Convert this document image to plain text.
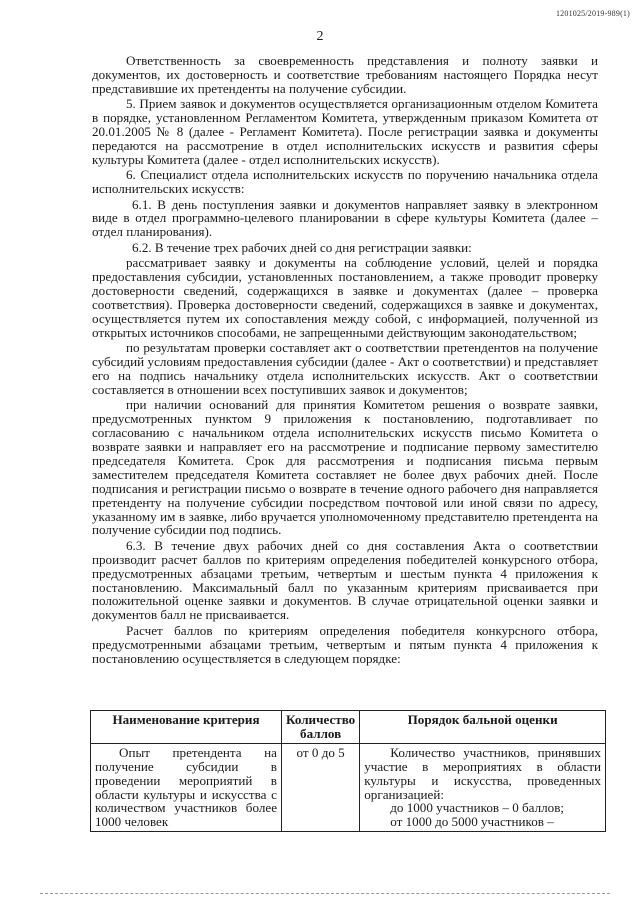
1201025/2019-989(1)
2

Ответственность за своевременность представления и полноту заявки и документов, их достоверность и соответствие требованиям настоящего Порядка несут представившие их претенденты на получение субсидии.

5. Прием заявок и документов осуществляется организационным отделом Комитета в порядке, установленном Регламентом Комитета, утвержденным приказом Комитета от 20.01.2005 № 8 (далее - Регламент Комитета). После регистрации заявка и документы передаются на рассмотрение в отдел исполнительских искусств и развития сферы культуры Комитета (далее - отдел исполнительских искусств).

6. Специалист отдела исполнительских искусств по поручению начальника отдела исполнительских искусств:

6.1. В день поступления заявки и документов направляет заявку в электронном виде в отдел программно-целевого планировании в сфере культуры Комитета (далее – отдел планирования).

6.2. В течение трех рабочих дней со дня регистрации заявки:

рассматривает заявку и документы на соблюдение условий, целей и порядка предоставления субсидии, установленных постановлением, а также проводит проверку достоверности сведений, содержащихся в заявке и документах (далее – проверка соответствия). Проверка достоверности сведений, содержащихся в заявке и документах, осуществляется путем их сопоставления между собой, с информацией, полученной из открытых источников способами, не запрещенными действующим законодательством;

по результатам проверки составляет акт о соответствии претендентов на получение субсидий условиям предоставления субсидии (далее - Акт о соответствии) и представляет его на подпись начальнику отдела исполнительских искусств. Акт о соответствии составляется в отношении всех поступивших заявок и документов;

при наличии оснований для принятия Комитетом решения о возврате заявки, предусмотренных пунктом 9 приложения к постановлению, подготавливает по согласованию с начальником отдела исполнительских искусств письмо Комитета о возврате заявки и направляет его на рассмотрение и подписание первому заместителю председателя Комитета. Срок для рассмотрения и подписания письма первым заместителем председателя Комитета составляет не более двух рабочих дней. После подписания и регистрации письмо о возврате в течение одного рабочего дня направляется претенденту на получение субсидии посредством почтовой или иной связи по адресу, указанному им в заявке, либо вручается уполномоченному представителю претендента на получение субсидии под подпись.

6.3. В течение двух рабочих дней со дня составления Акта о соответствии производит расчет баллов по критериям определения победителей конкурсного отбора, предусмотренных абзацами третьим, четвертым и шестым пункта 4 приложения к постановлению. Максимальный балл по указанным критериям присваивается при положительной оценке заявки и документов. В случае отрицательной оценки заявки и документов балл не присваивается.

Расчет баллов по критериям определения победителя конкурсного отбора, предусмотренными абзацами третьим, четвертым и пятым пункта 4 приложения к постановлению осуществляется в следующем порядке:

Наименование критерия	Количество баллов	Порядок бальной оценки
Опыт претендента на получение субсидии в проведении мероприятий в области культуры и искусства с количеством участников более 1000 человек	от 0 до 5	Количество участников, принявших участие в мероприятиях в области культуры и искусства, проведенных организацией:
до 1000 участников – 0 баллов;
от 1000 до 5000 участников –
